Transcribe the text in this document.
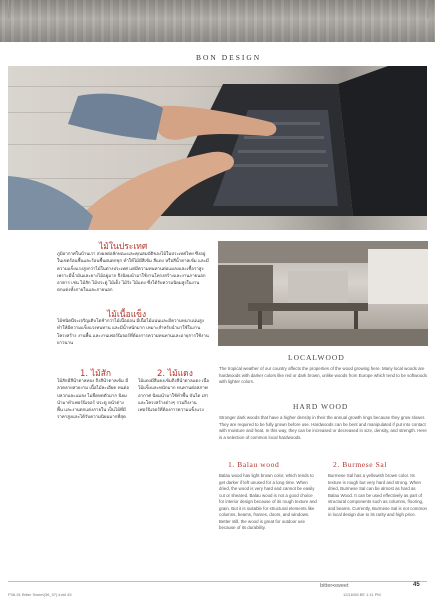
BON DESIGN
ไม้ในประเทศ
ภูมิอากาศในบ้านเรา ส่งผลต่อลักษณะและคุณสมบัติของไม้ในประเทศไทย ซึ่งอยู่ในเขตร้อนชื้นและร้อนชื้นฝนตกชุก ทำให้ไม้มีสีเข้ม สีแดง หรือสีน้ำตาลเข้ม และมีความแข็งแรงสูงกว่าไม้ในต่างประเทศ แต่มีความทนทานต่อแมลงและเชื้อราสูง เพราะมีน้ำมันและยางไม้อยู่มาก จึงนิยมนำมาใช้งานโครงสร้างและงานภายนอกอาคาร เช่น ไม้สัก ไม้ประดู่ ไม้เต็ง ไม้รัง ไม้แดง ซึ่งได้รับความนิยมสูงในงานตกแต่งทั้งภายในและภายนอก
ไม้เนื้อแข็ง
ไม้ชนิดนี้จะเจริญเติบโตช้ากว่าไม้เนื้ออ่อน มีเนื้อไม้แน่นและมีความหนาแน่นสูง ทำให้มีความแข็งแรงทนทาน และมีน้ำหนักมาก เหมาะสำหรับนำมาใช้ในงานโครงสร้าง งานพื้น และงานเฟอร์นิเจอร์ที่ต้องการความทนทานและอายุการใช้งานยาวนาน
1. ไม้สัก
ไม้สักมีสีน้ำตาลทอง ถึงสีน้ำตาลเข้ม มีลวดลายสวยงาม เนื้อไม้ละเอียด ทนต่อปลวกและแมลง ไม่ยืดหดตัวมาก นิยมนำมาทำเฟอร์นิเจอร์ ประตู หน้าต่าง พื้น และงานตกแต่งภายใน เป็นไม้ที่มีราคาสูงและได้รับความนิยมมากที่สุด
2. ไม้แดง
ไม้แดงมีสีแดงเข้มถึงสีน้ำตาลแดง เนื้อไม้แข็งและหนักมาก ทนทานต่อสภาพอากาศ นิยมนำมาใช้ทำพื้น บันได เสา และโครงสร้างต่างๆ รวมถึงงานเฟอร์นิเจอร์ที่ต้องการความแข็งแรง
LOCALWOOD
The tropical weather of our country affects the properties of the wood growing here. Many local woods are hardwoods with darker colors like red or dark brown, unlike woods from Europe which tend to be softwoods with lighter colors.
HARD WOOD
Stronger dark woods that have a higher density in their the annual growth rings because they grow slower. They are required to be fully grown before use. Hardwoods can be bent and manipulated if put into contact with moisture and heat. In this way, they can be increased or decreased in size, density, and strength. Here is a selection of common local hardwoods.
1. Balau wood
Balau wood has light brown color, which tends to get darker if left unused for a long time. When dried, the wood is very hard and cannot be easily cut or sheared. Balau wood is not a good choice for interior design because of its rough texture and grain. But it is suitable for structural elements like columns, beams, frames, doors, and windows. Better still, the wood is great for outdoor use because of its durability.
2. Burmese Sal
Burmese Sal has a yellowish brown color. Its texture is rough but very hard and strong. When dried, Burmese Sal can be almost as hard as Balau Wood. It can be used effectively as part of structural components such as columns, flooring, and beams. Currently, Burmese Sal is not common in local design due to its rarity and high price.
bitter•sweet	45
P38-51 Bitter Sweet(36_97).indd 45	12/16/58 BE 1:11 PM
